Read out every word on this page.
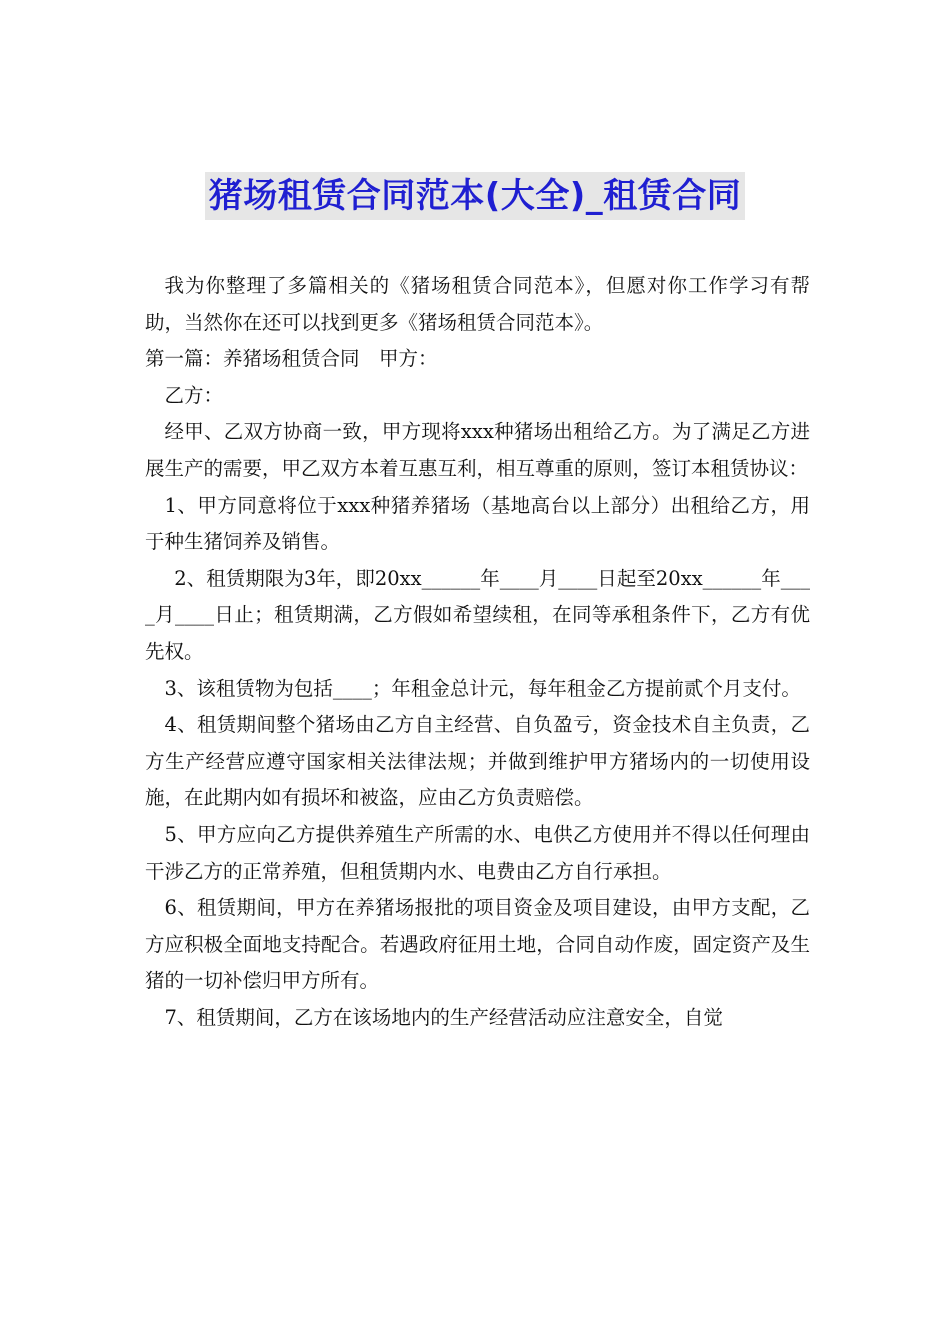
猪场租赁合同范本(大全)_租赁合同

我为你整理了多篇相关的《猪场租赁合同范本》，但愿对你工作学习有帮助，当然你在还可以找到更多《猪场租赁合同范本》。

第一篇：养猪场租赁合同　甲方：

乙方：

经甲、乙双方协商一致，甲方现将xxx种猪场出租给乙方。为了满足乙方进展生产的需要，甲乙双方本着互惠互利，相互尊重的原则，签订本租赁协议：

1、甲方同意将位于xxx种猪养猪场（基地高台以上部分）出租给乙方，用于种生猪饲养及销售。

2、租赁期限为3年，即20xx______年____月____日起至20xx______年____月____日止；租赁期满，乙方假如希望续租，在同等承租条件下，乙方有优先权。

3、该租赁物为包括____；年租金总计元，每年租金乙方提前贰个月支付。

4、租赁期间整个猪场由乙方自主经营、自负盈亏，资金技术自主负责，乙方生产经营应遵守国家相关法律法规；并做到维护甲方猪场内的一切使用设施，在此期内如有损坏和被盗，应由乙方负责赔偿。

5、甲方应向乙方提供养殖生产所需的水、电供乙方使用并不得以任何理由干涉乙方的正常养殖，但租赁期内水、电费由乙方自行承担。

6、租赁期间，甲方在养猪场报批的项目资金及项目建设，由甲方支配，乙方应积极全面地支持配合。若遇政府征用土地，合同自动作废，固定资产及生猪的一切补偿归甲方所有。

7、租赁期间，乙方在该场地内的生产经营活动应注意安全，自觉
